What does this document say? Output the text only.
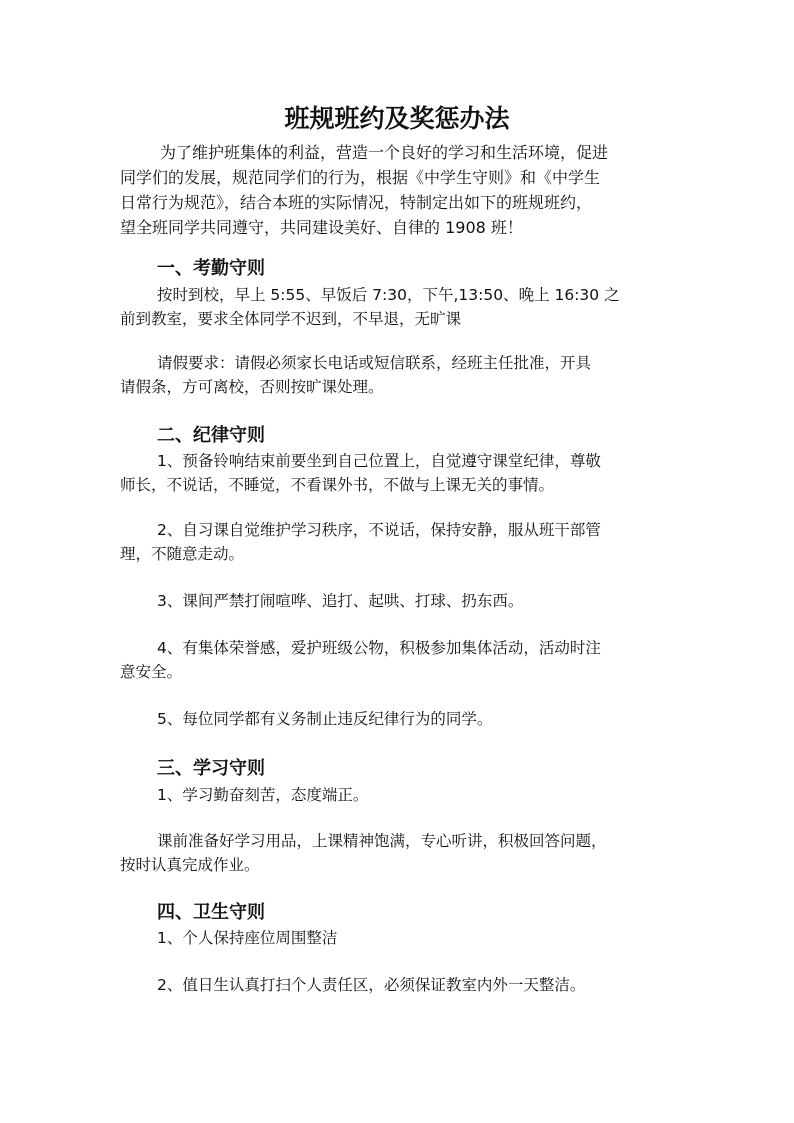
班规班约及奖惩办法

为了维护班集体的利益，营造一个良好的学习和生活环境，促进

同学们的发展，规范同学们的行为，根据《中学生守则》和《中学生

日常行为规范》，结合本班的实际情况，特制定出如下的班规班约，

望全班同学共同遵守，共同建设美好、自律的 1908 班！

一、考勤守则
按时到校，早上 5:55、早饭后 7:30，下午,13:50、晚上 16:30 之
前到教室，要求全体同学不迟到，不早退，无旷课
请假要求：请假必须家长电话或短信联系，经班主任批准，开具
请假条，方可离校，否则按旷课处理。
二、纪律守则
1、预备铃响结束前要坐到自己位置上，自觉遵守课堂纪律，尊敬
师长，不说话，不睡觉，不看课外书，不做与上课无关的事情。
2、自习课自觉维护学习秩序，不说话，保持安静，服从班干部管
理，不随意走动。
3、课间严禁打闹喧哗、追打、起哄、打球、扔东西。
4、有集体荣誉感，爱护班级公物，积极参加集体活动，活动时注
意安全。
5、每位同学都有义务制止违反纪律行为的同学。
三、学习守则
1、学习勤奋刻苦，态度端正。
课前准备好学习用品，上课精神饱满，专心听讲，积极回答问题，
按时认真完成作业。
四、卫生守则
1、个人保持座位周围整洁
2、值日生认真打扫个人责任区，必须保证教室内外一天整洁。
